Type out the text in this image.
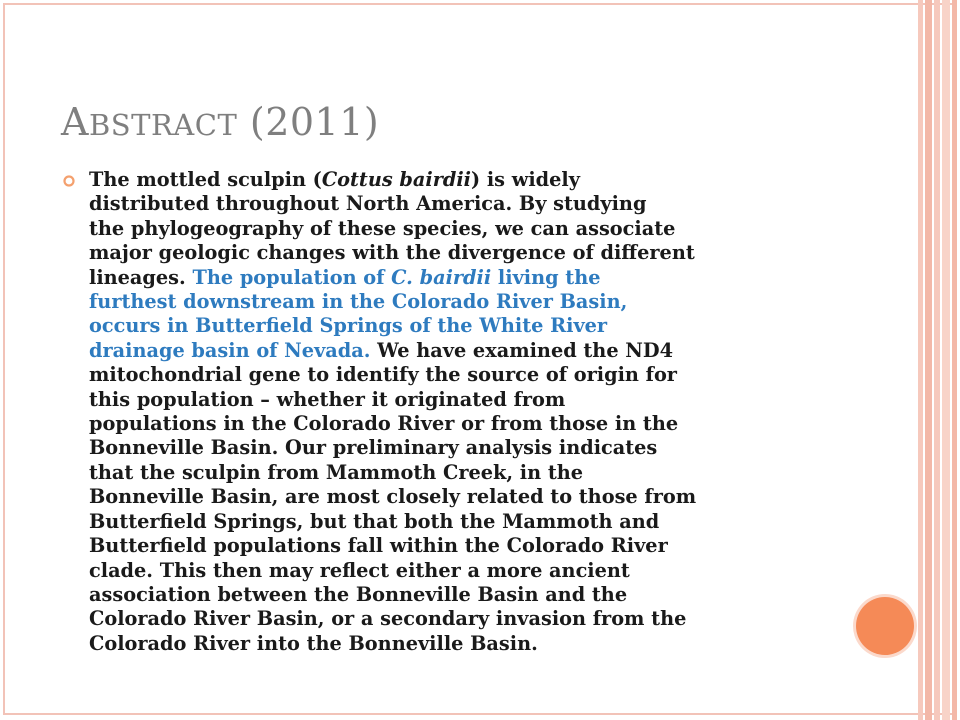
ABSTRACT (2011)
The mottled sculpin (Cottus bairdii) is widely
distributed throughout North America. By studying
the phylogeography of these species, we can associate
major geologic changes with the divergence of different
lineages. The population of C. bairdii living the
furthest downstream in the Colorado River Basin,
occurs in Butterfield Springs of the White River
drainage basin of Nevada. We have examined the ND4
mitochondrial gene to identify the source of origin for
this population – whether it originated from
populations in the Colorado River or from those in the
Bonneville Basin. Our preliminary analysis indicates
that the sculpin from Mammoth Creek, in the
Bonneville Basin, are most closely related to those from
Butterfield Springs, but that both the Mammoth and
Butterfield populations fall within the Colorado River
clade. This then may reflect either a more ancient
association between the Bonneville Basin and the
Colorado River Basin, or a secondary invasion from the
Colorado River into the Bonneville Basin.
